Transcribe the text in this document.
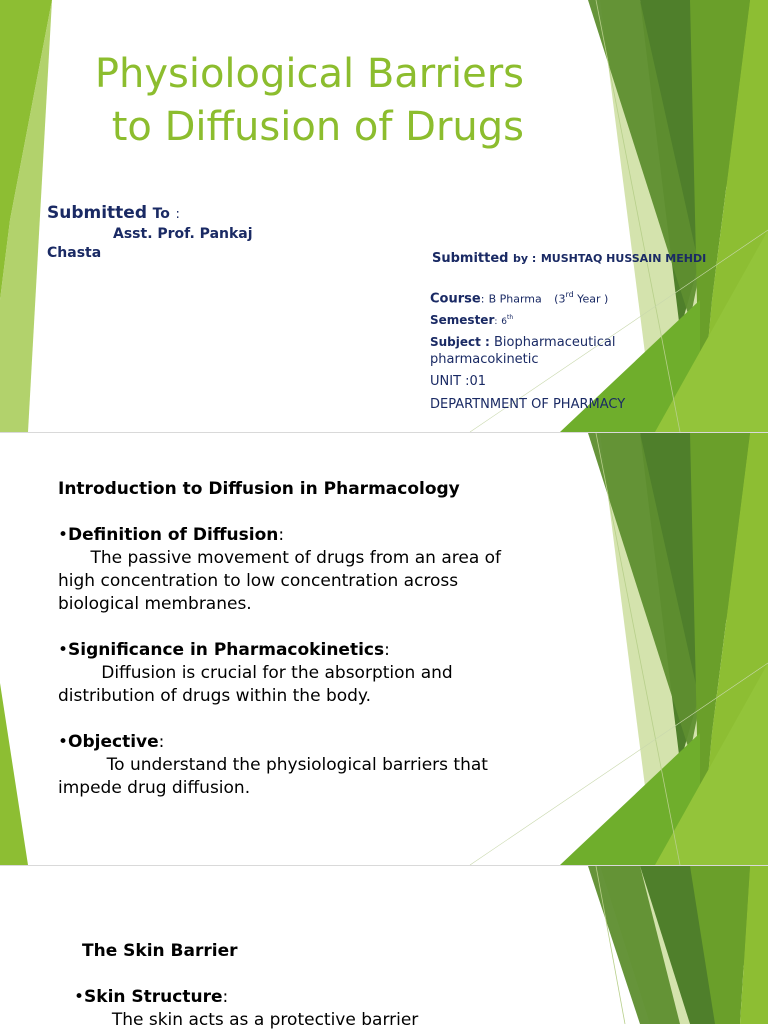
Physiological Barriers
to Diffusion of Drugs
Submitted To :
Asst. Prof. Pankaj
Chasta	Submitted by : MUSHTAQ HUSSAIN MEHDI
Course: B Pharma (3rd Year )
Semester: 6th
Subject : Biopharmaceutical
pharmacokinetic
UNIT :01
DEPARTNMENT OF PHARMACY

Introduction to Diffusion in Pharmacology

•Definition of Diffusion:

The passive movement of drugs from an area of
high concentration to low concentration across
biological membranes.

•Significance in Pharmacokinetics:

Diffusion is crucial for the absorption and
distribution of drugs within the body.

•Objective:

To understand the physiological barriers that
impede drug diffusion.

The Skin Barrier

•Skin Structure:

The skin acts as a protective barrier
